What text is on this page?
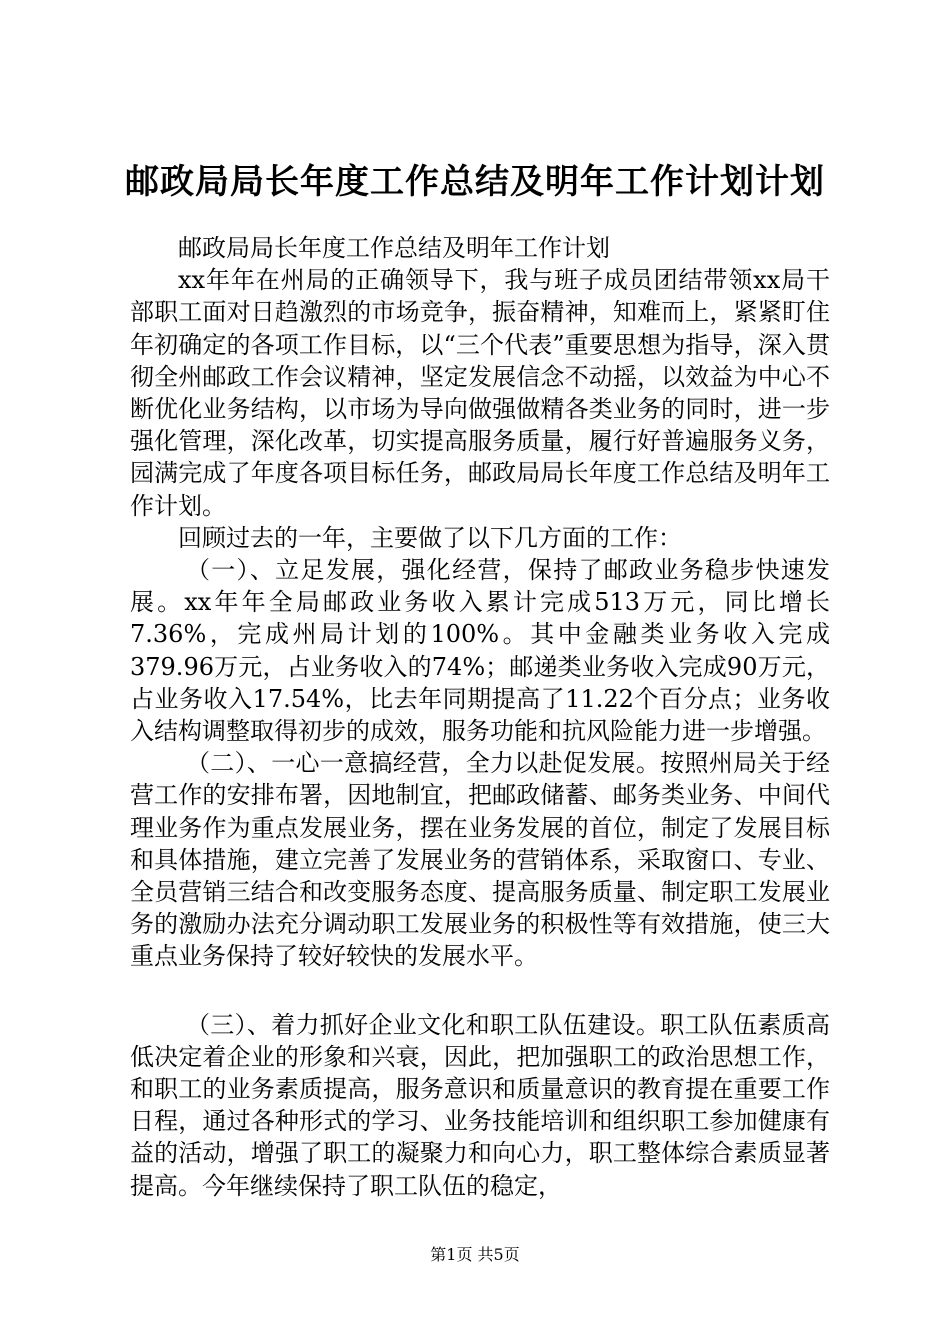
邮政局局长年度工作总结及明年工作计划计划

邮政局局长年度工作总结及明年工作计划

xx年年在州局的正确领导下，我与班子成员团结带领xx局干部职工面对日趋激烈的市场竞争，振奋精神，知难而上，紧紧盯住年初确定的各项工作目标，以“三个代表”重要思想为指导，深入贯彻全州邮政工作会议精神，坚定发展信念不动摇，以效益为中心不断优化业务结构，以市场为导向做强做精各类业务的同时，进一步强化管理，深化改革，切实提高服务质量，履行好普遍服务义务，园满完成了年度各项目标任务，邮政局局长年度工作总结及明年工作计划。

回顾过去的一年，主要做了以下几方面的工作：

（一）、立足发展，强化经营，保持了邮政业务稳步快速发展。xx年年全局邮政业务收入累计完成513万元，同比增长7.36%，完成州局计划的100%。其中金融类业务收入完成379.96万元，占业务收入的74%；邮递类业务收入完成90万元，占业务收入17.54%，比去年同期提高了11.22个百分点；业务收入结构调整取得初步的成效，服务功能和抗风险能力进一步增强。

（二）、一心一意搞经营，全力以赴促发展。按照州局关于经营工作的安排布署，因地制宜，把邮政储蓄、邮务类业务、中间代理业务作为重点发展业务，摆在业务发展的首位，制定了发展目标和具体措施，建立完善了发展业务的营销体系，采取窗口、专业、全员营销三结合和改变服务态度、提高服务质量、制定职工发展业务的激励办法充分调动职工发展业务的积极性等有效措施，使三大重点业务保持了较好较快的发展水平。

（三）、着力抓好企业文化和职工队伍建设。职工队伍素质高低决定着企业的形象和兴衰，因此，把加强职工的政治思想工作，和职工的业务素质提高，服务意识和质量意识的教育提在重要工作日程，通过各种形式的学习、业务技能培训和组织职工参加健康有益的活动，增强了职工的凝聚力和向心力，职工整体综合素质显著提高。今年继续保持了职工队伍的稳定，

第1页 共5页
